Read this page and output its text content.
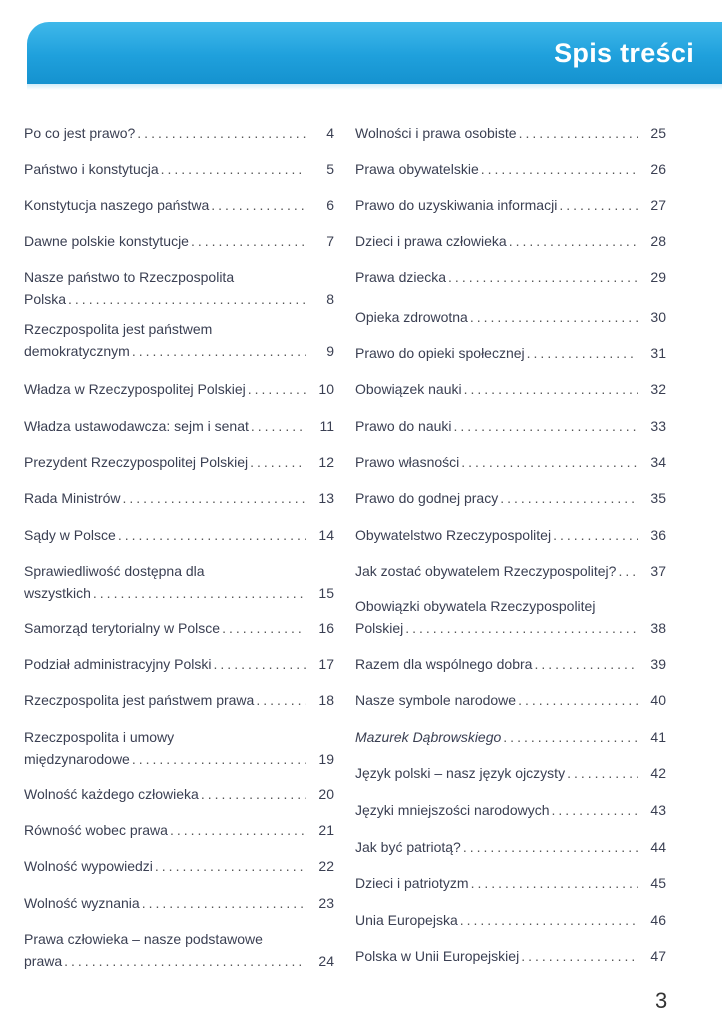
Spis treści
Po co jest prawo? .....	4
Państwo i konstytucja .....	5
Konstytucja naszego państwa .....	6
Dawne polskie konstytucje .....	7
Nasze państwo to Rzeczpospolita
Polska .....	8
Rzeczpospolita jest państwem
demokratycznym .....	9
Władza w Rzeczypospolitej Polskiej .....	10
Władza ustawodawcza: sejm i senat .....	11
Prezydent Rzeczypospolitej Polskiej .....	12
Rada Ministrów .....	13
Sądy w Polsce .....	14
Sprawiedliwość dostępna dla
wszystkich .....	15
Samorząd terytorialny w Polsce .....	16
Podział administracyjny Polski .....	17
Rzeczpospolita jest państwem prawa .....	18
Rzeczpospolita i umowy
międzynarodowe .....	19
Wolność każdego człowieka .....	20
Równość wobec prawa .....	21
Wolność wypowiedzi .....	22
Wolność wyznania .....	23
Prawa człowieka – nasze podstawowe
prawa .....	24
Wolności i prawa osobiste .....	25
Prawa obywatelskie .....	26
Prawo do uzyskiwania informacji .....	27
Dzieci i prawa człowieka .....	28
Prawa dziecka .....	29
Opieka zdrowotna .....	30
Prawo do opieki społecznej .....	31
Obowiązek nauki .....	32
Prawo do nauki .....	33
Prawo własności .....	34
Prawo do godnej pracy .....	35
Obywatelstwo Rzeczypospolitej .....	36
Jak zostać obywatelem Rzeczypospolitej? .....	37
Obowiązki obywatela Rzeczypospolitej
Polskiej .....	38
Razem dla wspólnego dobra .....	39
Nasze symbole narodowe .....	40
Mazurek Dąbrowskiego .....	41
Język polski – nasz język ojczysty .....	42
Języki mniejszości narodowych .....	43
Jak być patriotą? .....	44
Dzieci i patriotyzm .....	45
Unia Europejska .....	46
Polska w Unii Europejskiej .....	47
3
